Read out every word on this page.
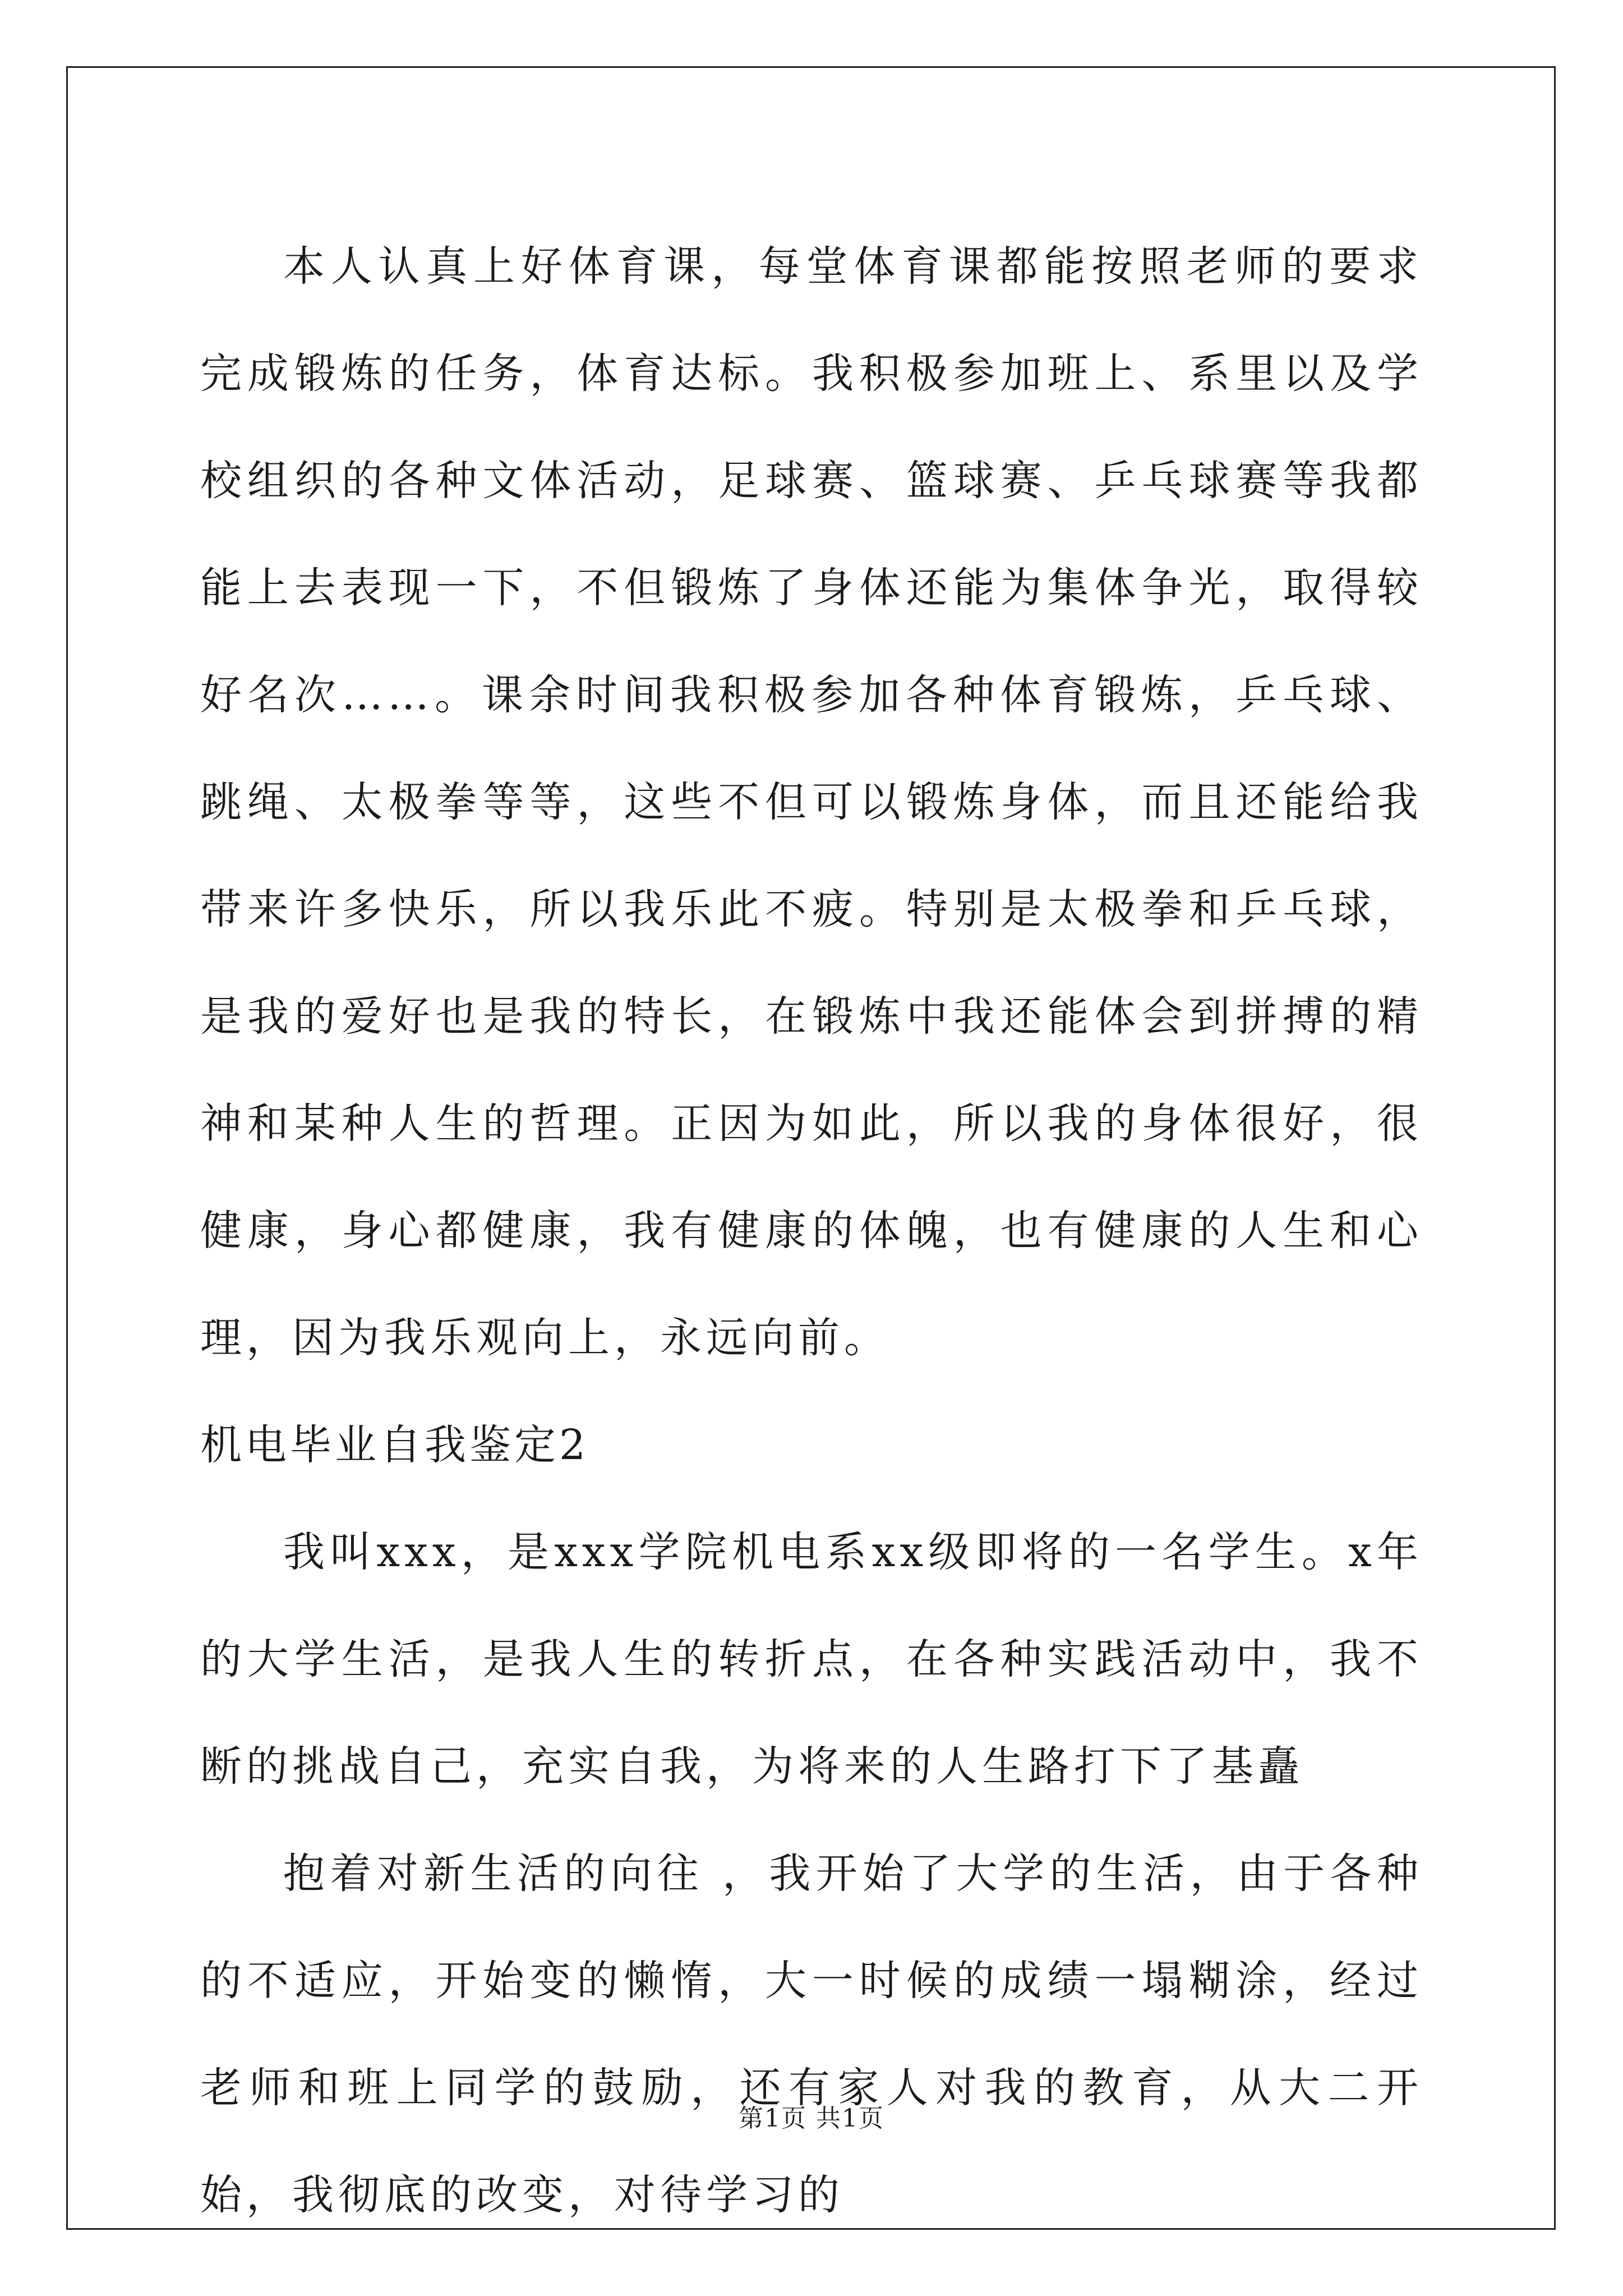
本人认真上好体育课，每堂体育课都能按照老师的要求完成锻炼的任务，体育达标。我积极参加班上、系里以及学校组织的各种文体活动，足球赛、篮球赛、乒乓球赛等我都能上去表现一下，不但锻炼了身体还能为集体争光，取得较好名次……。课余时间我积极参加各种体育锻炼，乒乓球、跳绳、太极拳等等，这些不但可以锻炼身体，而且还能给我带来许多快乐，所以我乐此不疲。特别是太极拳和乒乓球，是我的爱好也是我的特长，在锻炼中我还能体会到拼搏的精神和某种人生的哲理。正因为如此，所以我的身体很好，很健康，身心都健康，我有健康的体魄，也有健康的人生和心理，因为我乐观向上，永远向前。

机电毕业自我鉴定2

我叫xxx，是xxx学院机电系xx级即将的一名学生。x年的大学生活，是我人生的转折点，在各种实践活动中，我不断的挑战自己，充实自我，为将来的人生路打下了基矗

抱着对新生活的向往 ，我开始了大学的生活，由于各种的不适应，开始变的懒惰，大一时候的成绩一塌糊涂，经过老师和班上同学的鼓励，还有家人对我的教育，从大二开始，我彻底的改变，对待学习的

第1页 共1页
